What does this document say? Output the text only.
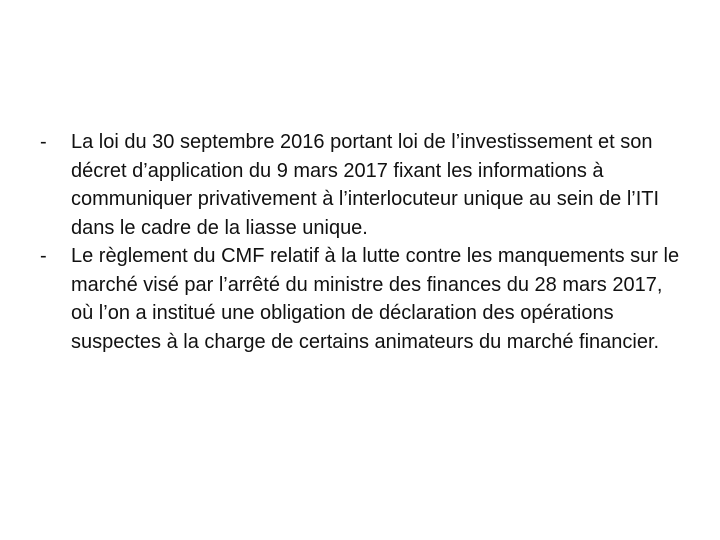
-	La loi du 30 septembre 2016 portant loi de l’investissement et son décret d’application du 9 mars 2017 fixant les informations à communiquer privativement à l’interlocuteur unique au sein de l’ITI dans le cadre de la liasse unique.
-	Le règlement du CMF relatif à la lutte contre les manquements sur le marché visé par l’arrêté du ministre des finances du 28 mars 2017, où l’on a institué une obligation de déclaration des opérations suspectes à la charge de certains animateurs du marché financier.
